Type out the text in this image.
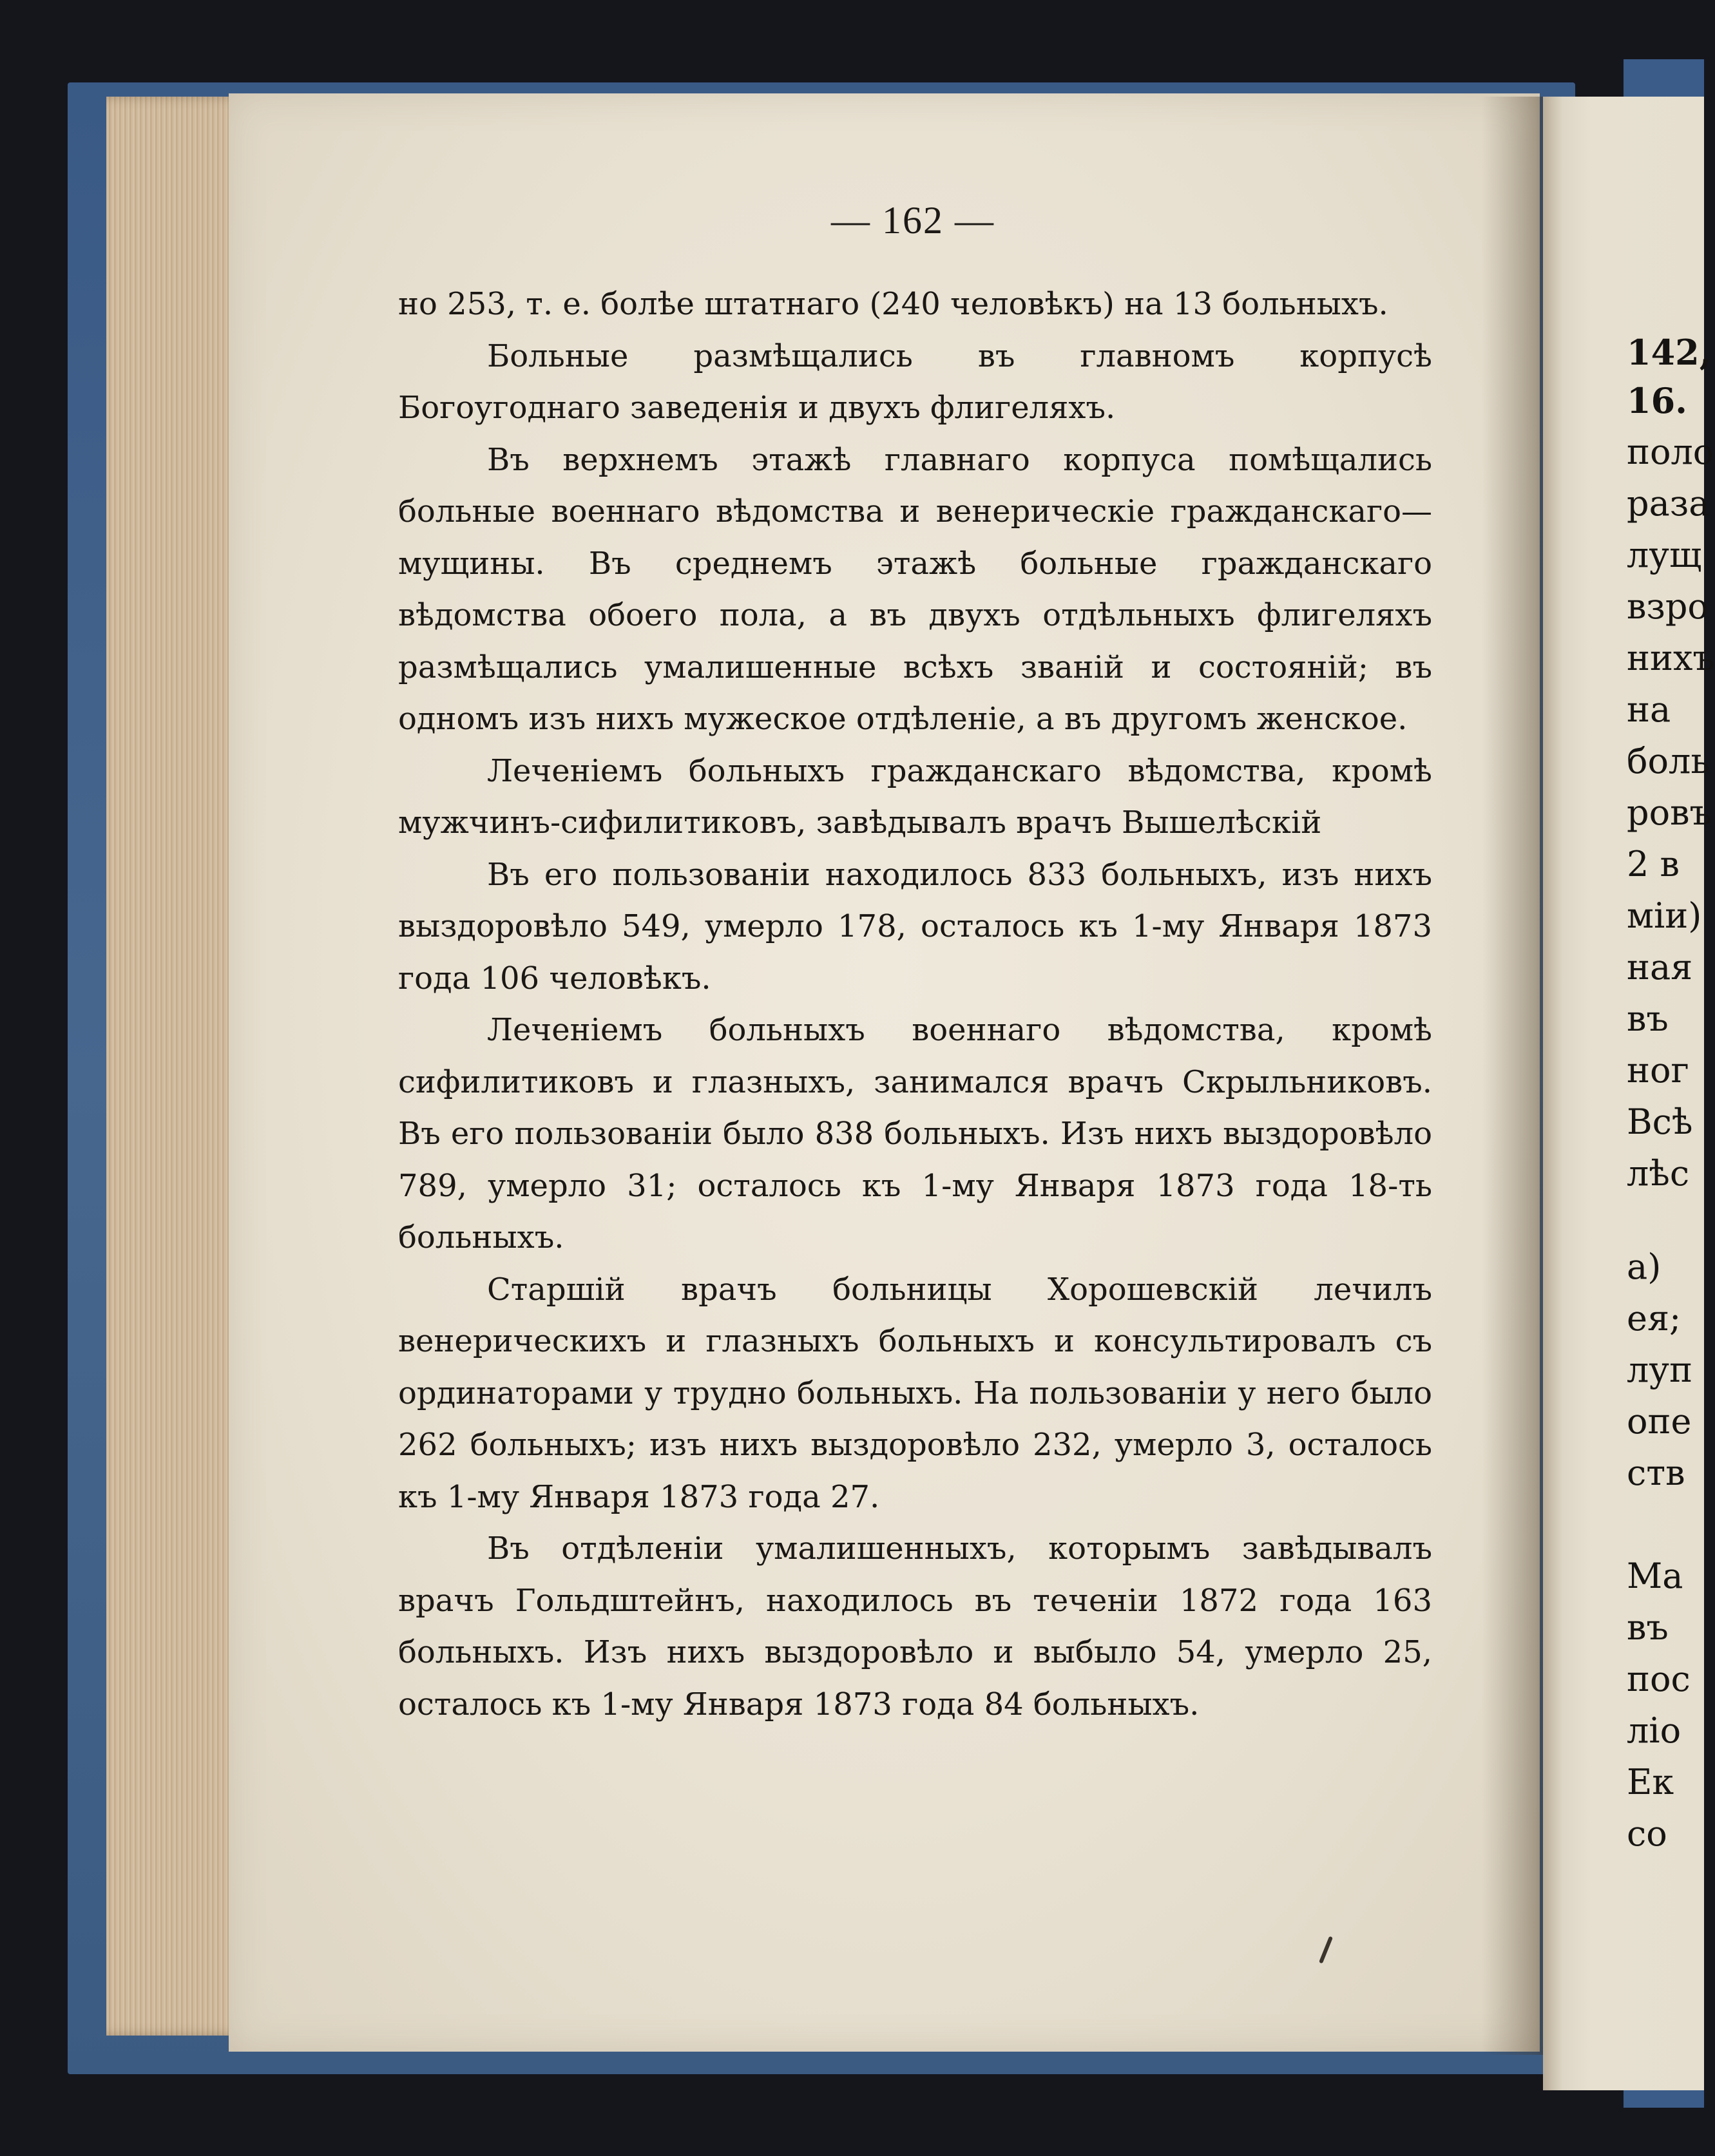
142,
16.
поло
раза
лущ
взро
нихъ
на
боль
ровъ
2 в
міи)
ная
въ
ног
Всѣ
лѣс
а)
ея;
луп
опе
ств
Ма
въ
пос
ліо
Ек
со
— 162 —

но 253, т. е. болѣе штатнаго (240 человѣкъ) на 13 больныхъ.

Больные размѣщались въ главномъ корпусѣ Богоугоднаго заведенія и двухъ флигеляхъ.

Въ верхнемъ этажѣ главнаго корпуса помѣщались больные военнаго вѣдомства и венерическіе гражданскаго—мущины. Въ среднемъ этажѣ больные гражданскаго вѣдомства обоего пола, а въ двухъ отдѣльныхъ флигеляхъ размѣщались умалишенные всѣхъ званій и состояній; въ одномъ изъ нихъ мужеское отдѣленіе, а въ другомъ женское.

Леченіемъ больныхъ гражданскаго вѣдомства, кромѣ мужчинъ-сифилитиковъ, завѣдывалъ врачъ Вышелѣскій

Въ его пользованіи находилось 833 больныхъ, изъ нихъ выздоровѣло 549, умерло 178, осталось къ 1-му Января 1873 года 106 человѣкъ.

Леченіемъ больныхъ военнаго вѣдомства, кромѣ сифилитиковъ и глазныхъ, занимался врачъ Скрыльниковъ. Въ его пользованіи было 838 больныхъ. Изъ нихъ выздоровѣло 789, умерло 31; осталось къ 1-му Января 1873 года 18-ть больныхъ.

Старшій врачъ больницы Хорошевскій лечилъ венерическихъ и глазныхъ больныхъ и консультировалъ съ ординаторами у трудно больныхъ. На пользованіи у него было 262 больныхъ; изъ нихъ выздоровѣло 232, умерло 3, осталось къ 1-му Января 1873 года 27.

Въ отдѣленіи умалишенныхъ, которымъ завѣдывалъ врачъ Гольдштейнъ, находилось въ теченіи 1872 года 163 больныхъ. Изъ нихъ выздоровѣло и выбыло 54, умерло 25, осталось къ 1-му Января 1873 года 84 больныхъ.
